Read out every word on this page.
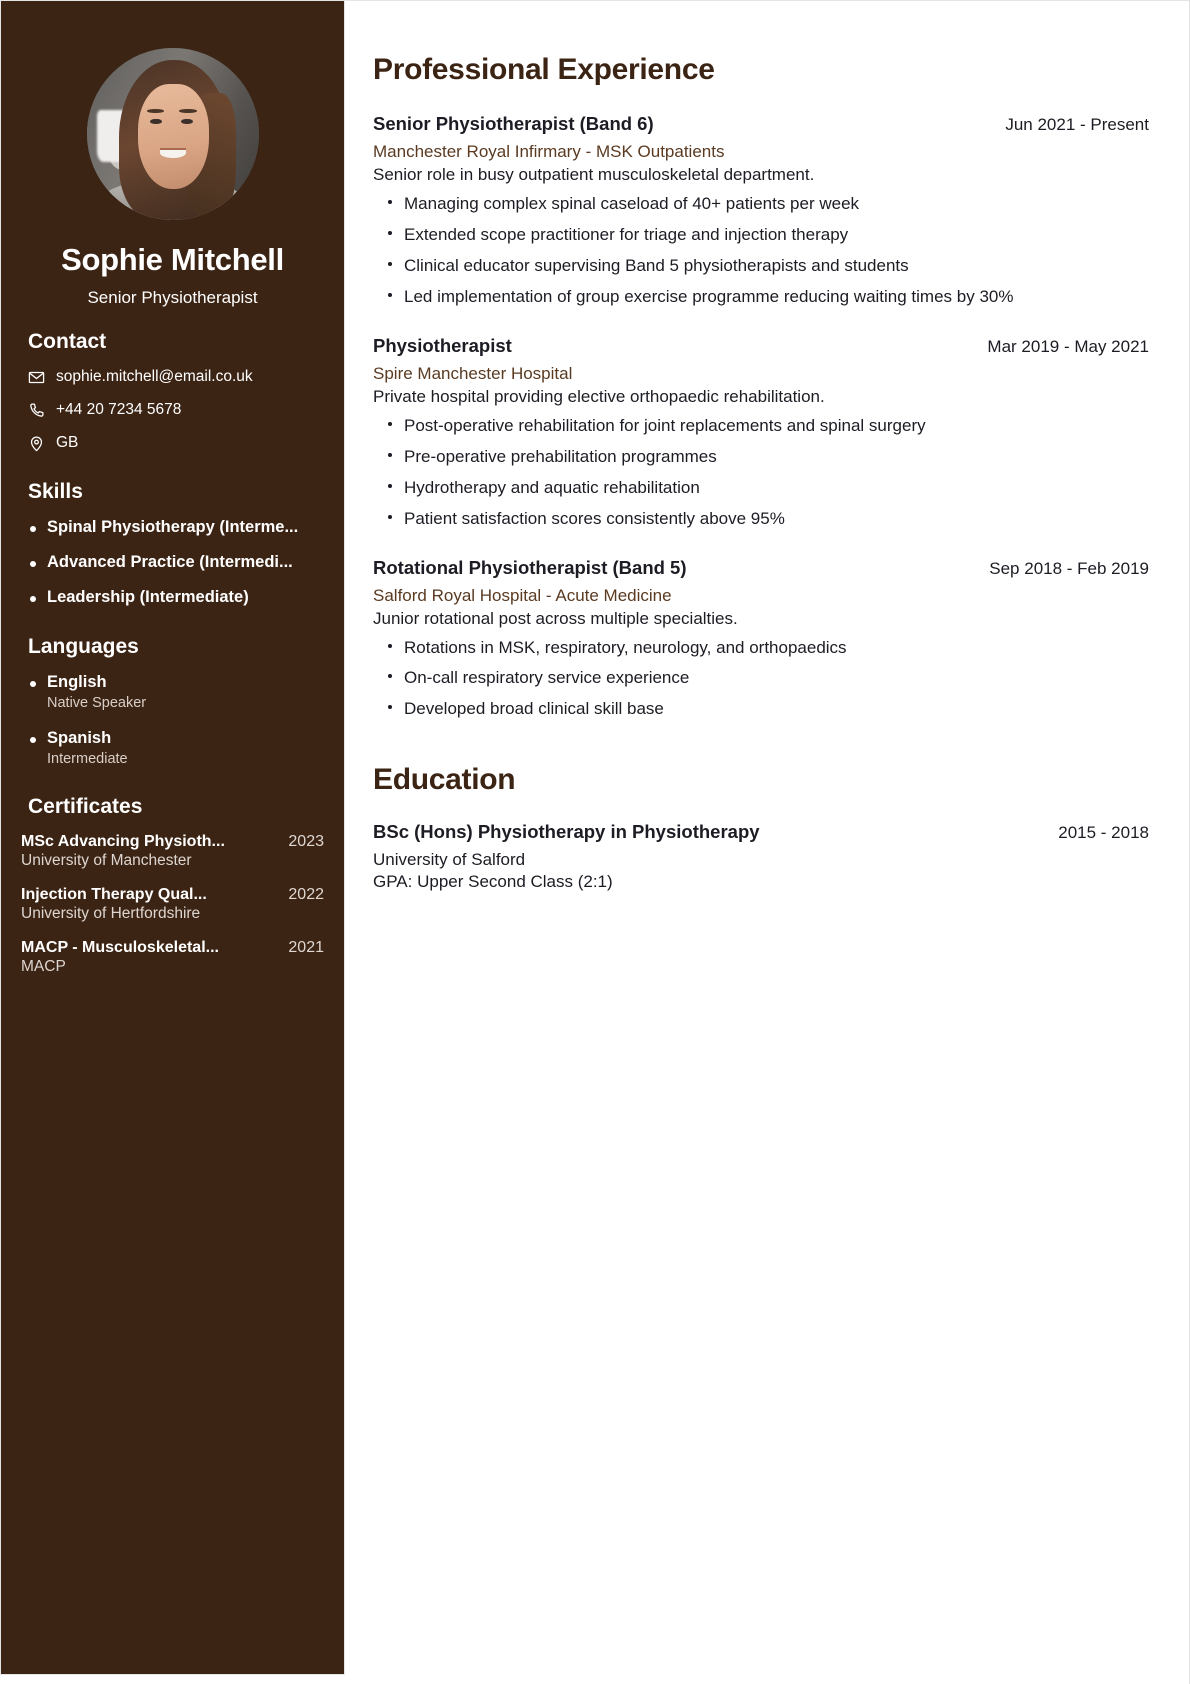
Sophie Mitchell
Senior Physiotherapist
Contact
sophie.mitchell@email.co.uk
+44 20 7234 5678
GB
Skills
Spinal Physiotherapy (Interme...
Advanced Practice (Intermedi...
Leadership (Intermediate)
Languages
English
Native Speaker
Spanish
Intermediate
Certificates
MSc Advancing Physioth...	2023
University of Manchester
Injection Therapy Qual...	2022
University of Hertfordshire
MACP - Musculoskeletal...	2021
MACP
Professional Experience
Senior Physiotherapist (Band 6)	Jun 2021 - Present
Manchester Royal Infirmary - MSK Outpatients
Senior role in busy outpatient musculoskeletal department.
Managing complex spinal caseload of 40+ patients per week
Extended scope practitioner for triage and injection therapy
Clinical educator supervising Band 5 physiotherapists and students
Led implementation of group exercise programme reducing waiting times by 30%
Physiotherapist	Mar 2019 - May 2021
Spire Manchester Hospital
Private hospital providing elective orthopaedic rehabilitation.
Post-operative rehabilitation for joint replacements and spinal surgery
Pre-operative prehabilitation programmes
Hydrotherapy and aquatic rehabilitation
Patient satisfaction scores consistently above 95%
Rotational Physiotherapist (Band 5)	Sep 2018 - Feb 2019
Salford Royal Hospital - Acute Medicine
Junior rotational post across multiple specialties.
Rotations in MSK, respiratory, neurology, and orthopaedics
On-call respiratory service experience
Developed broad clinical skill base
Education
BSc (Hons) Physiotherapy in Physiotherapy	2015 - 2018
University of Salford
GPA: Upper Second Class (2:1)
